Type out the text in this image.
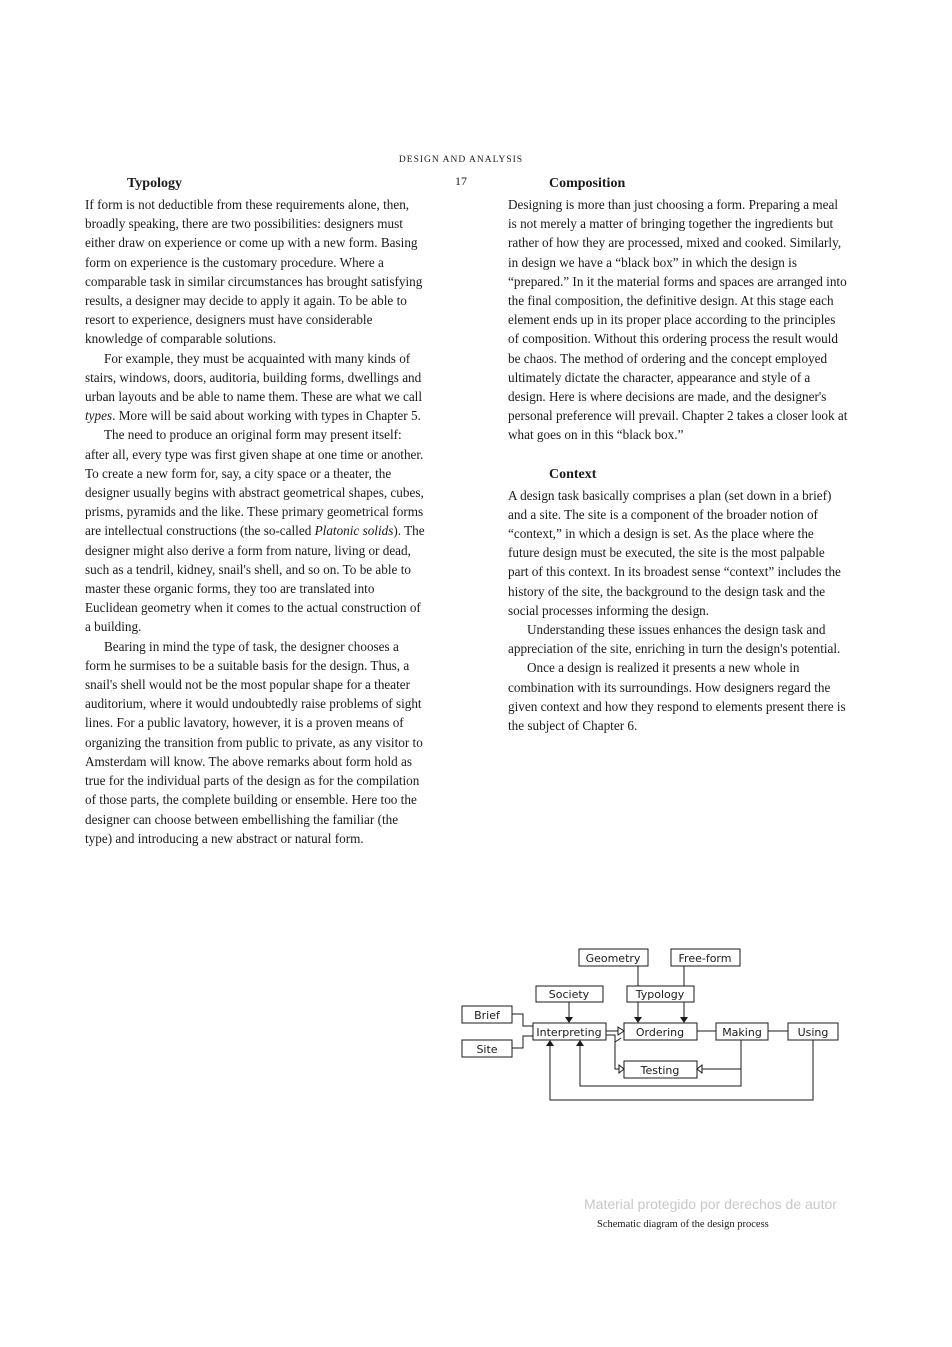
DESIGN AND ANALYSIS
17
Typology

If form is not deductible from these requirements alone, then, broadly speaking, there are two possibilities: designers must either draw on experience or come up with a new form. Basing form on experience is the customary procedure. Where a comparable task in similar circumstances has brought satisfying results, a designer may decide to apply it again. To be able to resort to experience, designers must have considerable knowledge of comparable solutions.

For example, they must be acquainted with many kinds of stairs, windows, doors, auditoria, building forms, dwellings and urban layouts and be able to name them. These are what we call types. More will be said about working with types in Chapter 5.

The need to produce an original form may present itself: after all, every type was first given shape at one time or another. To create a new form for, say, a city space or a theater, the designer usually begins with abstract geometrical shapes, cubes, prisms, pyramids and the like. These primary geometrical forms are intellectual constructions (the so-called Platonic solids). The designer might also derive a form from nature, living or dead, such as a tendril, kidney, snail's shell, and so on. To be able to master these organic forms, they too are translated into Euclidean geometry when it comes to the actual construction of a building.

Bearing in mind the type of task, the designer chooses a form he surmises to be a suitable basis for the design. Thus, a snail's shell would not be the most popular shape for a theater auditorium, where it would undoubtedly raise problems of sight lines. For a public lavatory, however, it is a proven means of organizing the transition from public to private, as any visitor to Amsterdam will know. The above remarks about form hold as true for the individual parts of the design as for the compilation of those parts, the complete building or ensemble. Here too the designer can choose between embellishing the familiar (the type) and introducing a new abstract or natural form.

Composition

Designing is more than just choosing a form. Preparing a meal is not merely a matter of bringing together the ingredients but rather of how they are processed, mixed and cooked. Similarly, in design we have a “black box” in which the design is “prepared.” In it the material forms and spaces are arranged into the final composition, the definitive design. At this stage each element ends up in its proper place according to the principles of composition. Without this ordering process the result would be chaos. The method of ordering and the concept employed ultimately dictate the character, appearance and style of a design. Here is where decisions are made, and the designer's personal preference will prevail. Chapter 2 takes a closer look at what goes on in this “black box.”

Context

A design task basically comprises a plan (set down in a brief) and a site. The site is a component of the broader notion of “context,” in which a design is set. As the place where the future design must be executed, the site is the most palpable part of this context. In its broadest sense “context” includes the history of the site, the background to the design task and the social processes informing the design.

Understanding these issues enhances the design task and appreciation of the site, enriching in turn the design's potential.

Once a design is realized it presents a new whole in combination with its surroundings. How designers regard the given context and how they respond to elements present there is the subject of Chapter 6.

Geometry	Free-form
Society	Typology
Brief
Site
Interpreting	Ordering	Making	Using
Testing
Material protegido por derechos de autor
Schematic diagram of the design process
